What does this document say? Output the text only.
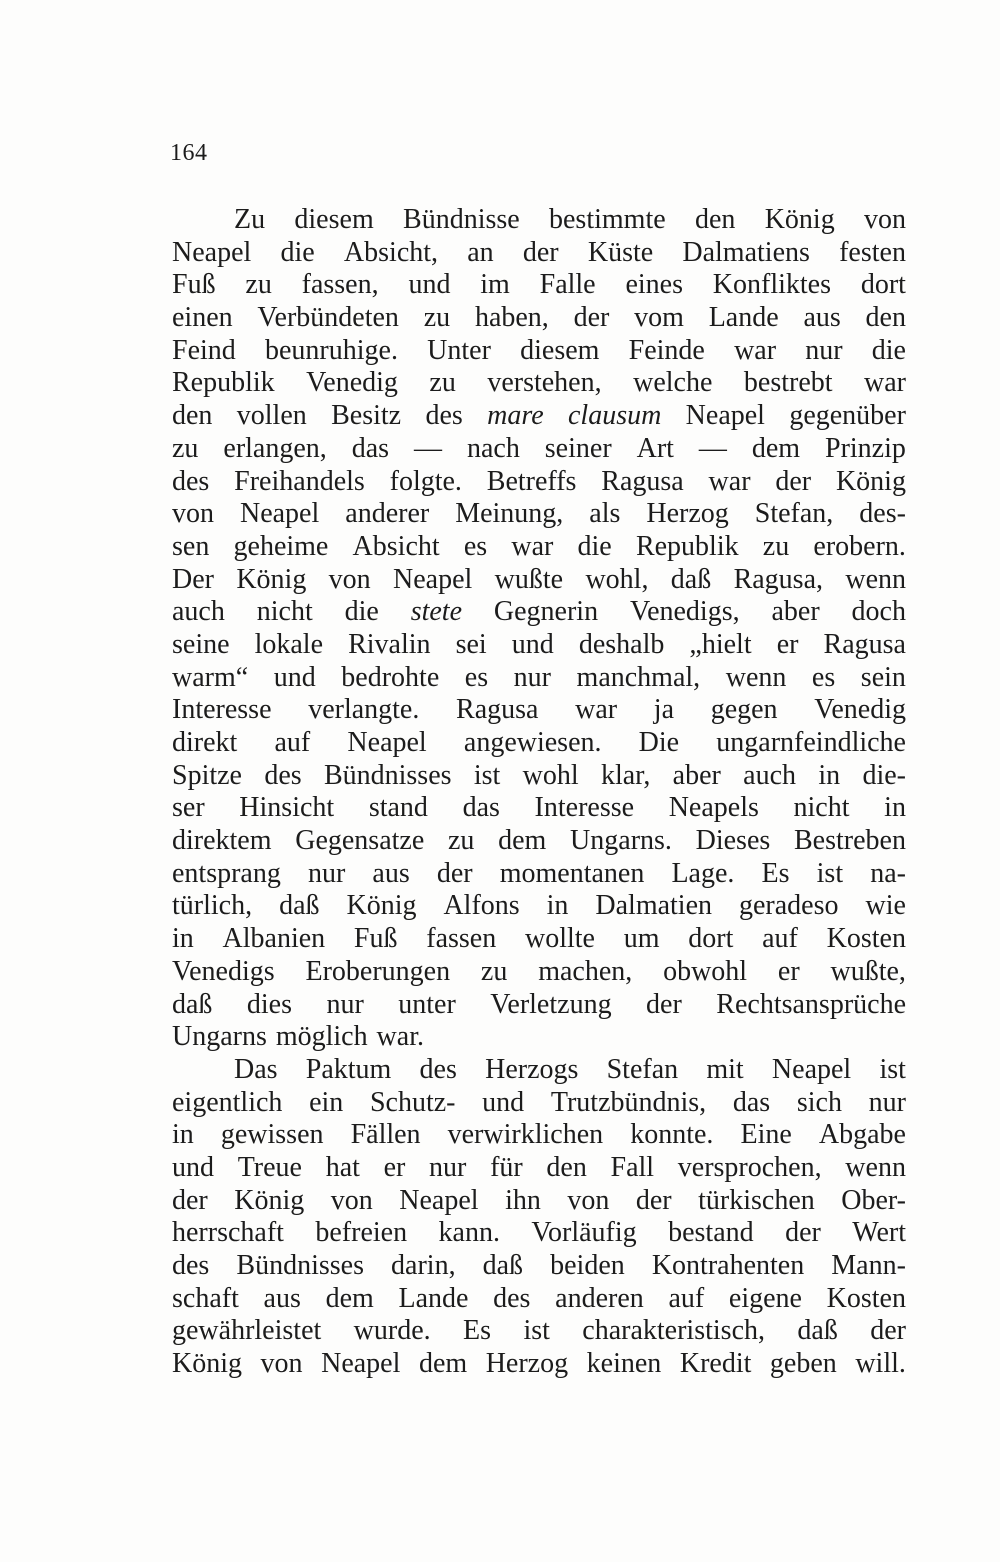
164
Zu diesem Bündnisse bestimmte den König von
Neapel die Absicht, an der Küste Dalmatiens festen
Fuß zu fassen, und im Falle eines Konfliktes dort
einen Verbündeten zu haben, der vom Lande aus den
Feind beunruhige. Unter diesem Feinde war nur die
Republik Venedig zu verstehen, welche bestrebt war
den vollen Besitz des mare clausum Neapel gegenüber
zu erlangen, das — nach seiner Art — dem Prinzip
des Freihandels folgte. Betreffs Ragusa war der König
von Neapel anderer Meinung, als Herzog Stefan, des-
sen geheime Absicht es war die Republik zu erobern.
Der König von Neapel wußte wohl, daß Ragusa, wenn
auch nicht die stete Gegnerin Venedigs, aber doch
seine lokale Rivalin sei und deshalb „hielt er Ragusa
warm“ und bedrohte es nur manchmal, wenn es sein
Interesse verlangte. Ragusa war ja gegen Venedig
direkt auf Neapel angewiesen. Die ungarnfeindliche
Spitze des Bündnisses ist wohl klar, aber auch in die-
ser Hinsicht stand das Interesse Neapels nicht in
direktem Gegensatze zu dem Ungarns. Dieses Bestreben
entsprang nur aus der momentanen Lage. Es ist na-
türlich, daß König Alfons in Dalmatien geradeso wie
in Albanien Fuß fassen wollte um dort auf Kosten
Venedigs Eroberungen zu machen, obwohl er wußte,
daß dies nur unter Verletzung der Rechtsansprüche
Ungarns möglich war.
Das Paktum des Herzogs Stefan mit Neapel ist
eigentlich ein Schutz- und Trutzbündnis, das sich nur
in gewissen Fällen verwirklichen konnte. Eine Abgabe
und Treue hat er nur für den Fall versprochen, wenn
der König von Neapel ihn von der türkischen Ober-
herrschaft befreien kann. Vorläufig bestand der Wert
des Bündnisses darin, daß beiden Kontrahenten Mann-
schaft aus dem Lande des anderen auf eigene Kosten
gewährleistet wurde. Es ist charakteristisch, daß der
König von Neapel dem Herzog keinen Kredit geben will.
